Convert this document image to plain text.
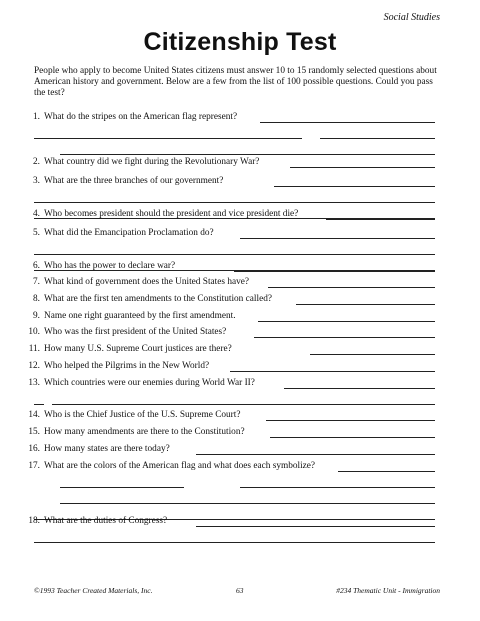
Social Studies
Citizenship Test
People who apply to become United States citizens must answer 10 to 15 randomly selected questions about American history and government. Below are a few from the list of 100 possible questions. Could you pass the test?
1. What do the stripes on the American flag represent?
2. What country did we fight during the Revolutionary War?
3. What are the three branches of our government?
4. Who becomes president should the president and vice president die?
5. What did the Emancipation Proclamation do?
6. Who has the power to declare war?
7. What kind of government does the United States have?
8. What are the first ten amendments to the Constitution called?
9. Name one right guaranteed by the first amendment.
10. Who was the first president of the United States?
11. How many U.S. Supreme Court justices are there?
12. Who helped the Pilgrims in the New World?
13. Which countries were our enemies during World War II?
14. Who is the Chief Justice of the U.S. Supreme Court?
15. How many amendments are there to the Constitution?
16. How many states are there today?
17. What are the colors of the American flag and what does each symbolize?
18. What are the duties of Congress?
©1993 Teacher Created Materials, Inc.	63	#234 Thematic Unit - Immigration
